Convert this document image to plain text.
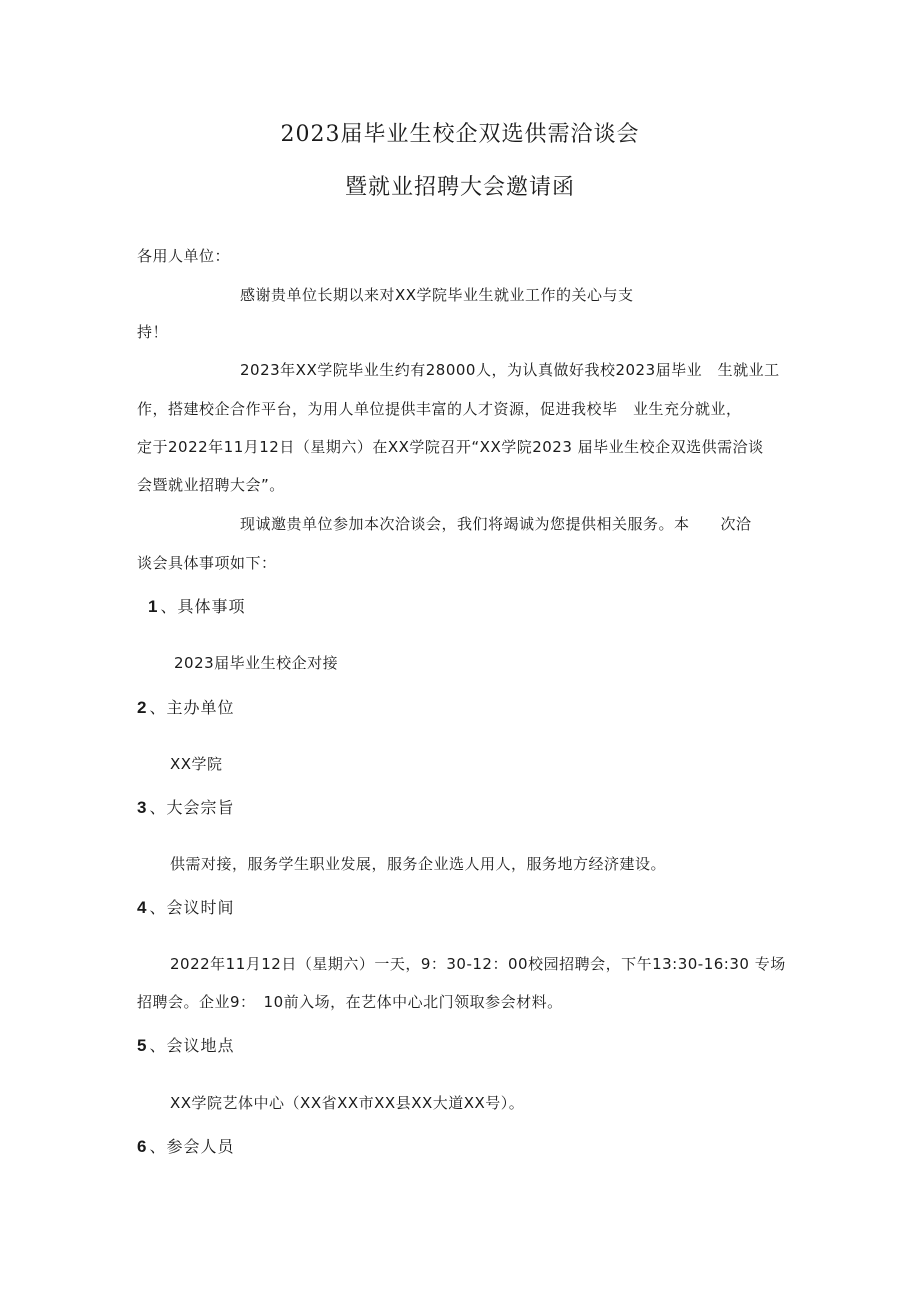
2023届毕业生校企双选供需洽谈会
暨就业招聘大会邀请函
各用人单位：
感谢贵单位长期以来对XX学院毕业生就业工作的关心与支
持！
2023年XX学院毕业生约有28000人，为认真做好我校2023届毕业　生就业工
作，搭建校企合作平台，为用人单位提供丰富的人才资源，促进我校毕　业生充分就业，
定于2022年11月12日（星期六）在XX学院召开“XX学院2023 届毕业生校企双选供需洽谈
会暨就业招聘大会”。
现诚邀贵单位参加本次洽谈会，我们将竭诚为您提供相关服务。本　　次洽
谈会具体事项如下：
1 、具体事项
2023届毕业生校企对接
2 、主办单位
XX学院
3 、大会宗旨
供需对接，服务学生职业发展，服务企业选人用人，服务地方经济建设。
4 、会议时间
2022年11月12日（星期六）一天，9：30-12：00校园招聘会，下午13:30-16:30 专场
招聘会。企业9：　10前入场，在艺体中心北门领取参会材料。
5 、会议地点
XX学院艺体中心（XX省XX市XX县XX大道XX号）。
6 、参会人员
